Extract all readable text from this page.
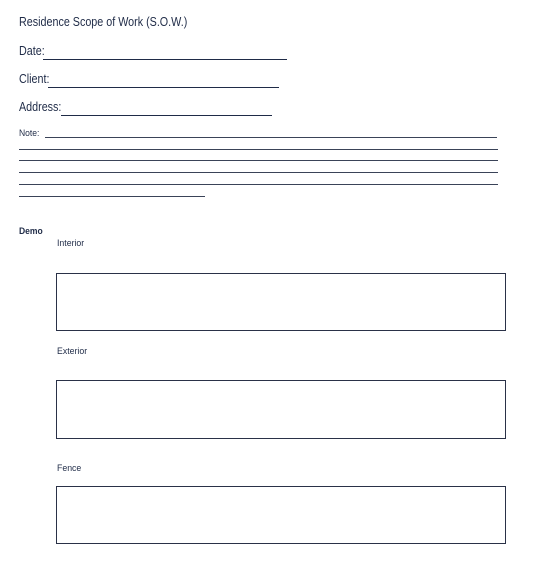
Residence Scope of Work (S.O.W.)
Date:
Client:
Address:
Note:
Demo
Interior
Exterior
Fence
